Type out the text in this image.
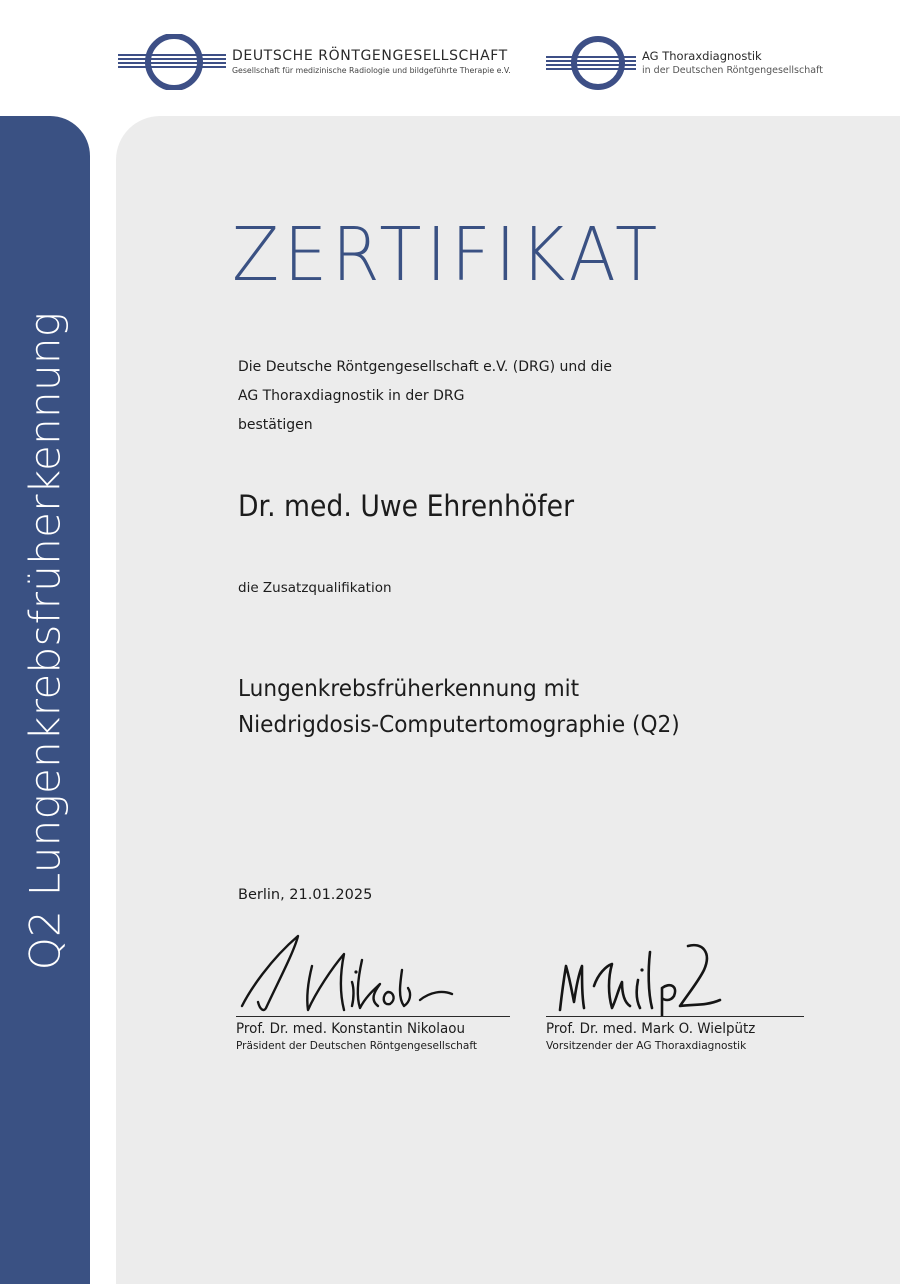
DEUTSCHE RÖNTGENGESELLSCHAFT
Gesellschaft für medizinische Radiologie und bildgeführte Therapie e.V.
AG Thoraxdiagnostik
in der Deutschen Röntgengesellschaft
Q2 Lungenkrebsfrüherkennung
ZERTIFIKAT
Die Deutsche Röntgengesellschaft e.V. (DRG) und die
AG Thoraxdiagnostik in der DRG
bestätigen
Dr. med. Uwe Ehrenhöfer
die Zusatzqualifikation
Lungenkrebsfrüherkennung mit
Niedrigdosis-Computertomographie (Q2)
Berlin, 21.01.2025
Prof. Dr. med. Konstantin Nikolaou
Präsident der Deutschen Röntgengesellschaft
Prof. Dr. med. Mark O. Wielpütz
Vorsitzender der AG Thoraxdiagnostik
